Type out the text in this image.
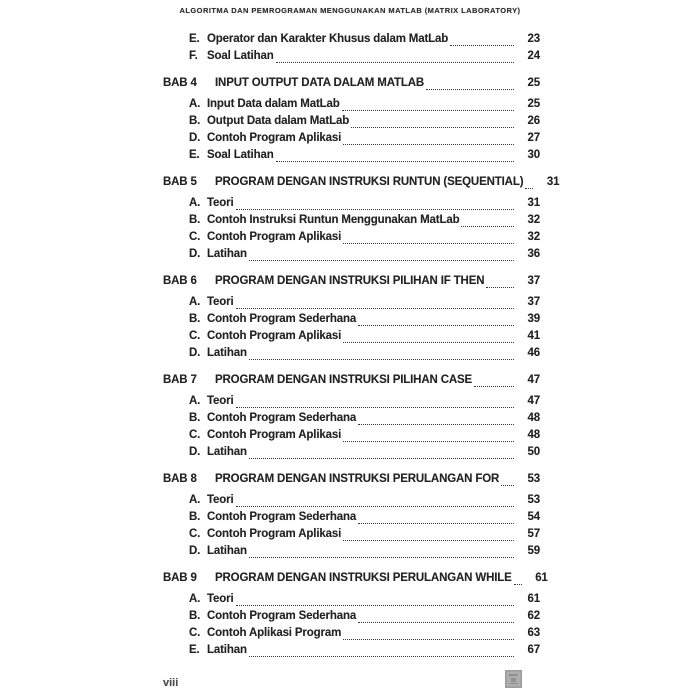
ALGORITMA DAN PEMROGRAMAN MENGGUNAKAN MATLAB (MATRIX LABORATORY)
E. Operator dan Karakter Khusus dalam MatLab	23
F. Soal Latihan	24
BAB 4	INPUT OUTPUT DATA DALAM MATLAB	25
A. Input Data dalam MatLab	25
B. Output Data dalam MatLab	26
D. Contoh Program Aplikasi	27
E. Soal Latihan	30
BAB 5	PROGRAM DENGAN INSTRUKSI RUNTUN (SEQUENTIAL)	31
A. Teori	31
B. Contoh Instruksi Runtun Menggunakan MatLab	32
C. Contoh Program Aplikasi	32
D. Latihan	36
BAB 6	PROGRAM DENGAN INSTRUKSI PILIHAN IF THEN	37
A. Teori	37
B. Contoh Program Sederhana	39
C. Contoh Program Aplikasi	41
D. Latihan	46
BAB 7	PROGRAM DENGAN INSTRUKSI PILIHAN CASE	47
A. Teori	47
B. Contoh Program Sederhana	48
C. Contoh Program Aplikasi	48
D. Latihan	50
BAB 8	PROGRAM DENGAN INSTRUKSI PERULANGAN FOR	53
A. Teori	53
B. Contoh Program Sederhana	54
C. Contoh Program Aplikasi	57
D. Latihan	59
BAB 9	PROGRAM DENGAN INSTRUKSI PERULANGAN WHILE	61
A. Teori	61
B. Contoh Program Sederhana	62
C. Contoh Aplikasi Program	63
E. Latihan	67
viii
